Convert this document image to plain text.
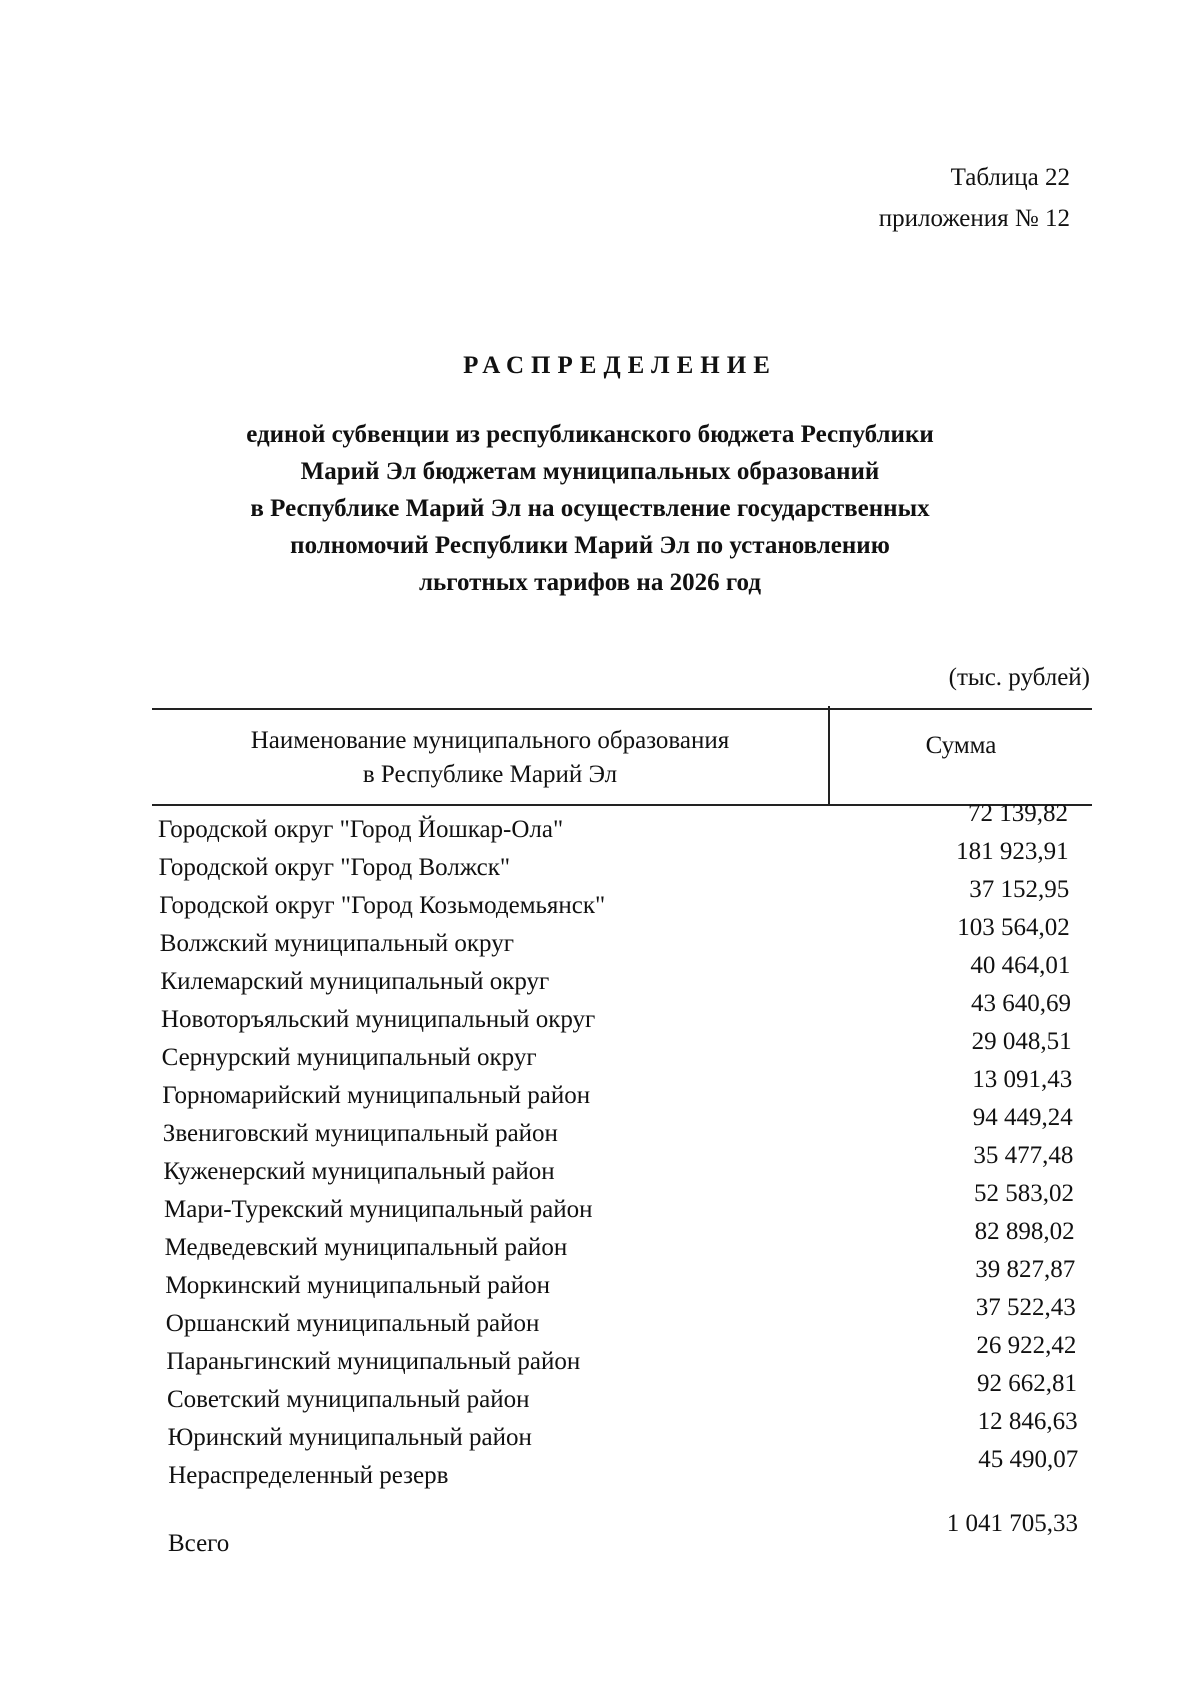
Таблица 22
приложения № 12
РАСПРЕДЕЛЕНИЕ
единой субвенции из республиканского бюджета Республики
Марий Эл бюджетам муниципальных образований
в Республике Марий Эл на осуществление государственных
полномочий Республики Марий Эл по установлению
льготных тарифов на 2026 год
(тыс. рублей)
Наименование муниципального образования
в Республике Марий Эл
Сумма
Городской округ "Город Йошкар-Ола"
72 139,82
Городской округ "Город Волжск"
181 923,91
Городской округ "Город Козьмодемьянск"
37 152,95
Волжский муниципальный округ
103 564,02
Килемарский муниципальный округ
40 464,01
Новоторъяльский муниципальный округ
43 640,69
Сернурский муниципальный округ
29 048,51
Горномарийский муниципальный район
13 091,43
Звениговский муниципальный район
94 449,24
Куженерский муниципальный район
35 477,48
Мари-Турекский муниципальный район
52 583,02
Медведевский муниципальный район
82 898,02
Моркинский муниципальный район
39 827,87
Оршанский муниципальный район
37 522,43
Параньгинский муниципальный район
26 922,42
Советский муниципальный район
92 662,81
Юринский муниципальный район
12 846,63
Нераспределенный резерв
45 490,07
Всего
1 041 705,33
